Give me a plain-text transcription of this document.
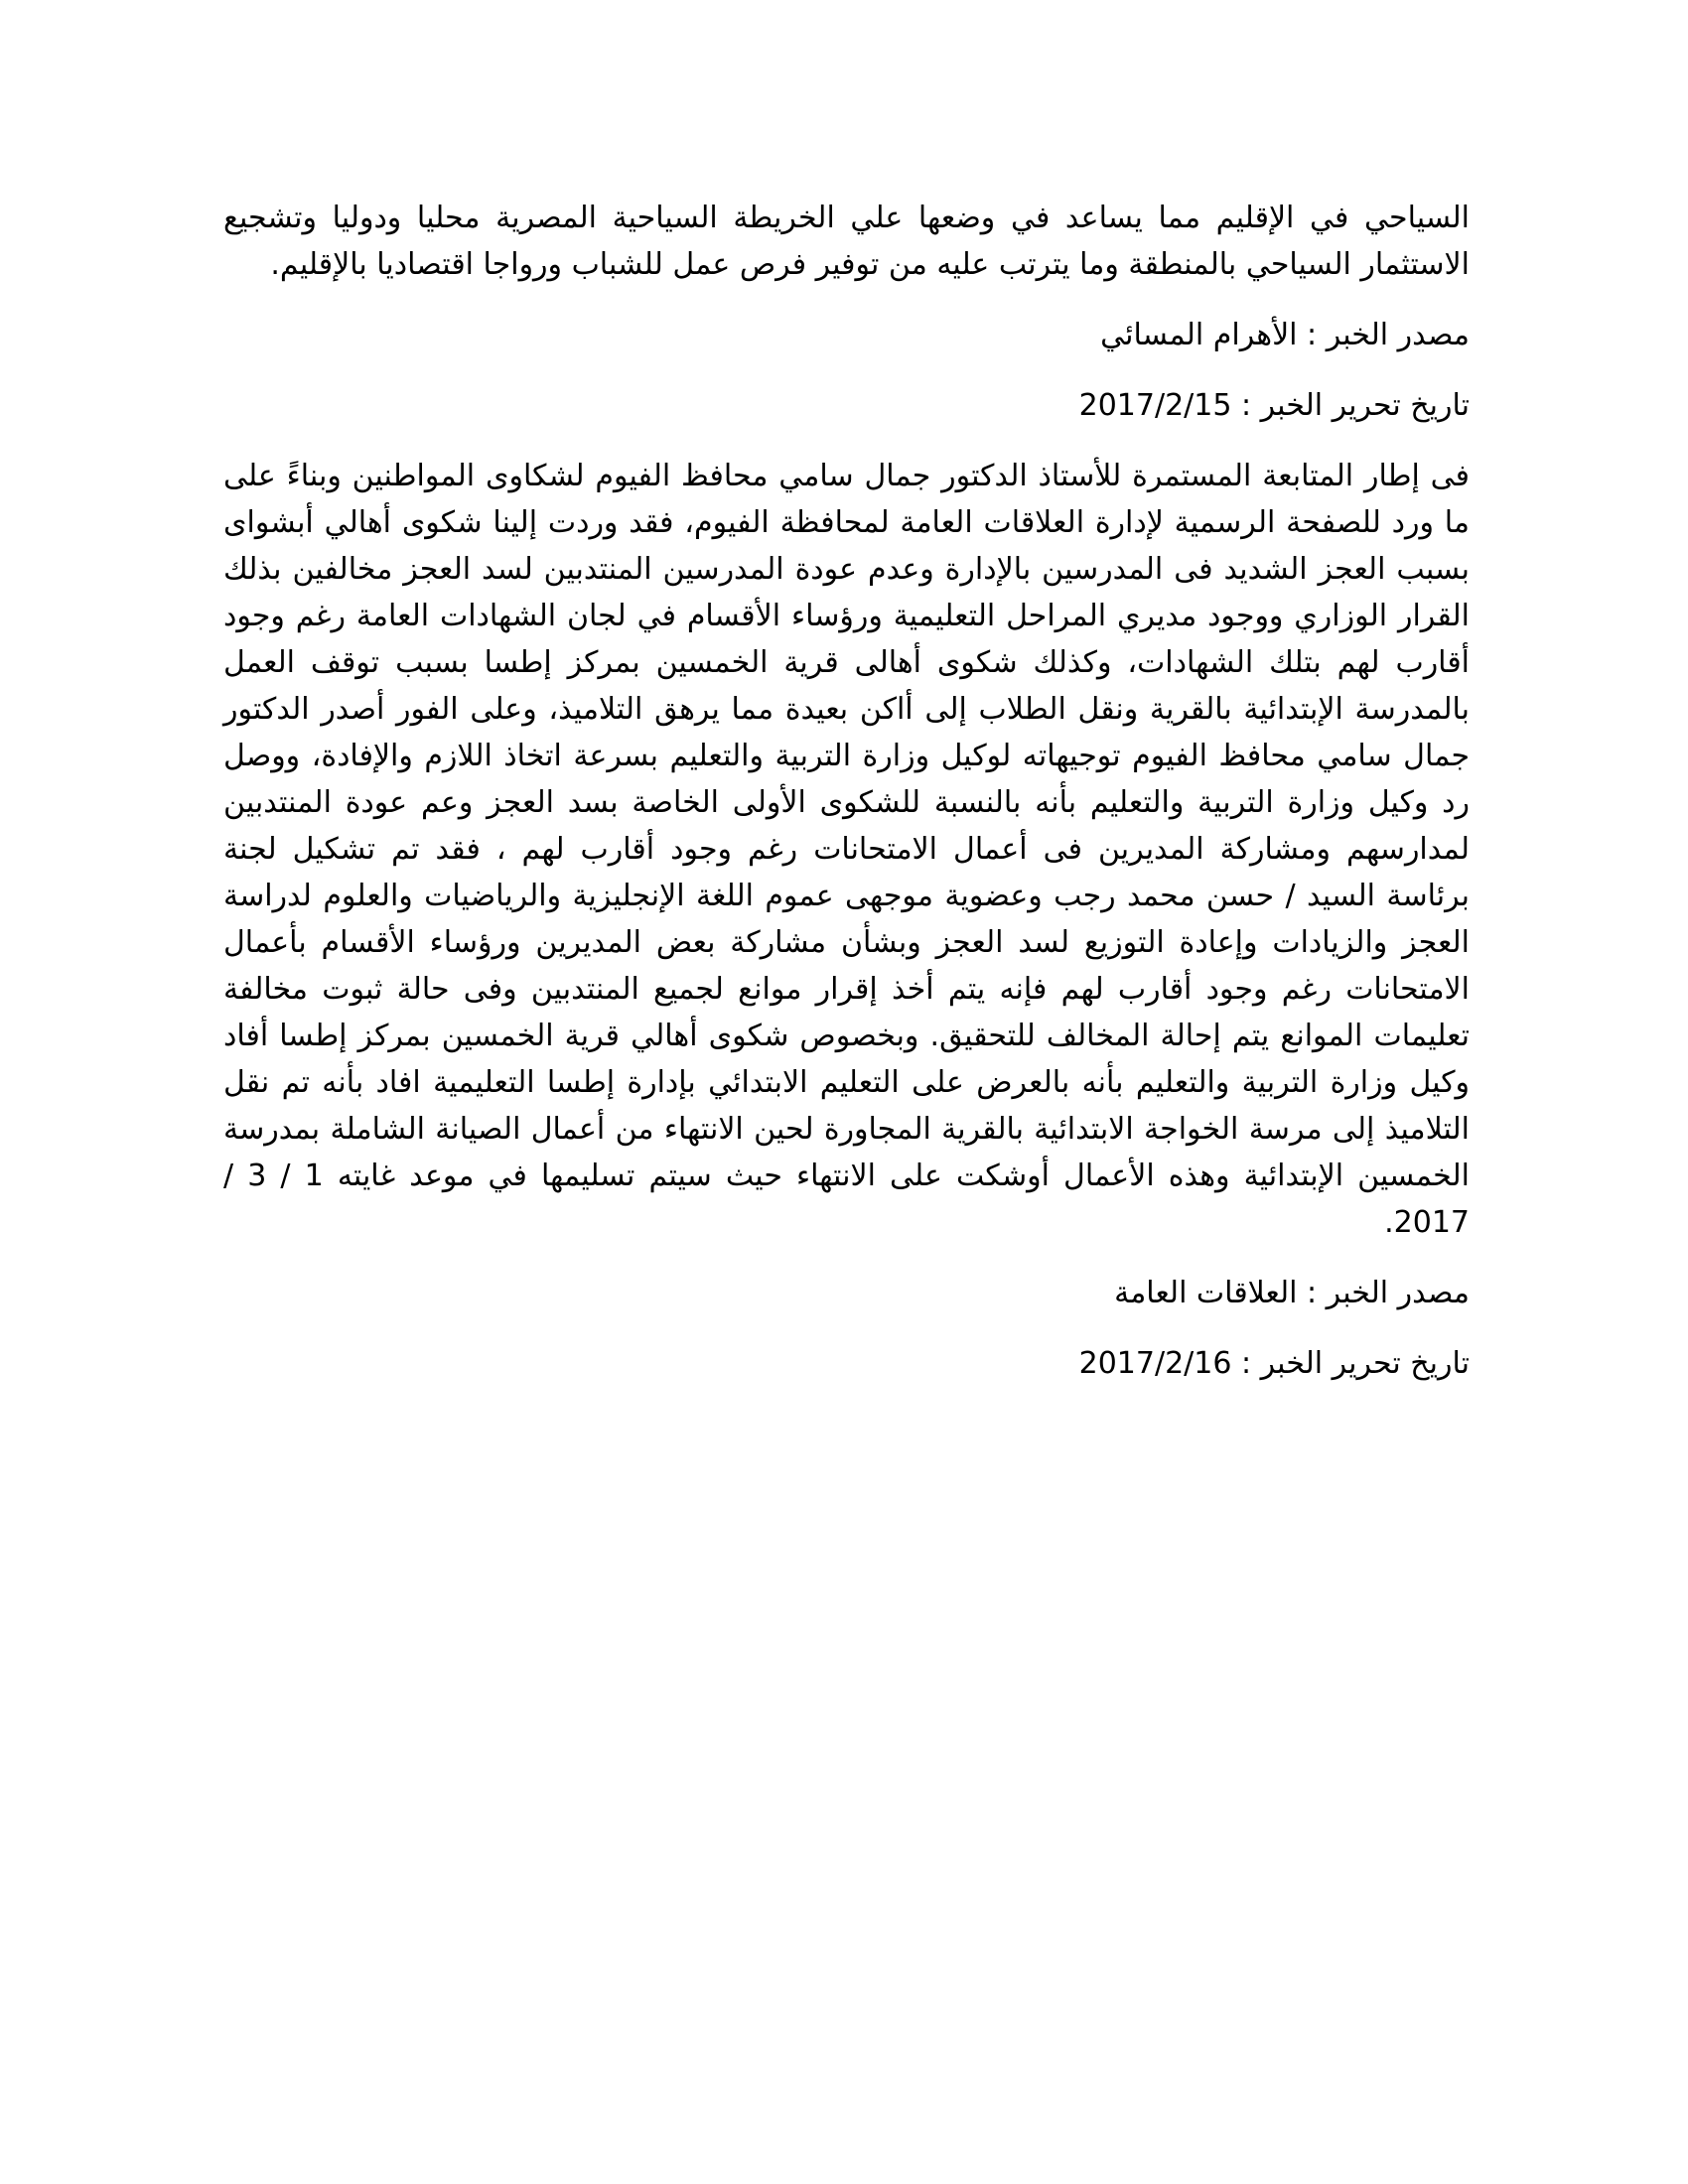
السياحي في الإقليم مما يساعد في وضعها علي الخريطة السياحية المصرية محليا ودوليا وتشجيع الاستثمار السياحي بالمنطقة وما يترتب عليه من توفير فرص عمل للشباب ورواجا اقتصاديا بالإقليم.

مصدر الخبر : الأهرام المسائي

تاريخ تحرير الخبر : 2017/2/15

فى إطار المتابعة المستمرة للأستاذ الدكتور جمال سامي محافظ الفيوم لشكاوى المواطنين وبناءً على ما ورد للصفحة الرسمية لإدارة العلاقات العامة لمحافظة الفيوم، فقد وردت إلينا شكوى أهالي أبشواى بسبب العجز الشديد فى المدرسين بالإدارة وعدم عودة المدرسين المنتدبين لسد العجز مخالفين بذلك القرار الوزاري ووجود مديري المراحل التعليمية ورؤساء الأقسام في لجان الشهادات العامة رغم وجود أقارب لهم بتلك الشهادات، وكذلك شكوى أهالى قرية الخمسين بمركز إطسا بسبب توقف العمل بالمدرسة الإبتدائية بالقرية ونقل الطلاب إلى أاكن بعيدة مما يرهق التلاميذ، وعلى الفور أصدر الدكتور جمال سامي محافظ الفيوم توجيهاته لوكيل وزارة التربية والتعليم بسرعة اتخاذ اللازم والإفادة، ووصل رد وكيل وزارة التربية والتعليم بأنه بالنسبة للشكوى الأولى الخاصة بسد العجز وعم عودة المنتدبين لمدارسهم ومشاركة المديرين فى أعمال الامتحانات رغم وجود أقارب لهم ، فقد تم تشكيل لجنة برئاسة السيد / حسن محمد رجب وعضوية موجهى عموم اللغة الإنجليزية والرياضيات والعلوم لدراسة العجز والزيادات وإعادة التوزيع لسد العجز وبشأن مشاركة بعض المديرين ورؤساء الأقسام بأعمال الامتحانات رغم وجود أقارب لهم فإنه يتم أخذ إقرار موانع لجميع المنتدبين وفى حالة ثبوت مخالفة تعليمات الموانع يتم إحالة المخالف للتحقيق. وبخصوص شكوى أهالي قرية الخمسين بمركز إطسا أفاد وكيل وزارة التربية والتعليم بأنه بالعرض على التعليم الابتدائي بإدارة إطسا التعليمية افاد بأنه تم نقل التلاميذ إلى مرسة الخواجة الابتدائية بالقرية المجاورة لحين الانتهاء من أعمال الصيانة الشاملة بمدرسة الخمسين الإبتدائية وهذه الأعمال أوشكت على الانتهاء حيث سيتم تسليمها في موعد غايته 1 / 3 / 2017.

مصدر الخبر : العلاقات العامة

تاريخ تحرير الخبر : 2017/2/16
